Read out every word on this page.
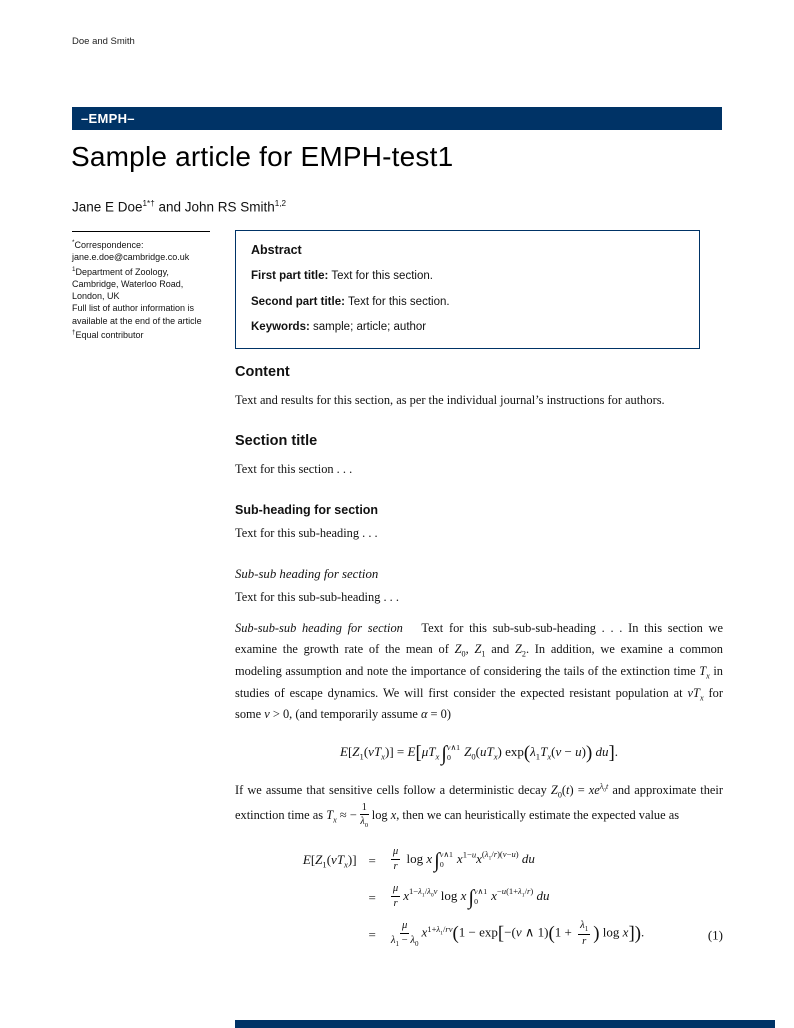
Doe and Smith
–EMPH–
Sample article for EMPH-test1
Jane E Doe$^{1*\dagger}$ and John RS Smith$^{1,2}$
*Correspondence:
jane.e.doe@cambridge.co.uk
$^1$Department of Zoology,
Cambridge, Waterloo Road,
London, UK
Full list of author information is
available at the end of the article
†Equal contributor
Abstract

First part title: Text for this section.

Second part title: Text for this section.

Keywords: sample; article; author

Content

Text and results for this section, as per the individual journal’s instructions for authors.

Section title

Text for this section . . .

Sub-heading for section

Text for this sub-heading . . .

Sub-sub heading for section

Text for this sub-sub-heading . . .

Sub-sub-sub heading for section Text for this sub-sub-sub-heading . . . In this section we examine the growth rate of the mean of $Z_0$, $Z_1$ and $Z_2$. In addition, we examine a common modeling assumption and note the importance of considering the tails of the extinction time $T_x$ in studies of escape dynamics. We will first consider the expected resistant population at $vT_x$ for some v > 0, (and temporarily assume α = 0)

$E[Z_1(vT_x)] = E[\mu T_x\int$ v∧1
0	$Z_0(uT_x) \exp(\lambda_1T_x(v - u))$ du].

If we assume that sensitive cells follow a deterministic decay $Z_0(t) = xe^{\lambda_0t}$ and approximate their extinction time as $T_x$ ≈ − $\frac{1}{\lambda_0}$ log x, then we can heuristically estimate the expected value as

$E[Z_1(vT_x)]$ =	$\frac{\mu}{r}$ log x∫ v∧1
0	$x^{1-u}x^{(\lambda_1/r)(v-u)}$ du
=	$\frac{\mu}{r} x^{1-\lambda_1/\lambda_0v}$ log x∫ v∧1
0	$x^{-u(1+\lambda_1/r)}$ du
=	$\frac{\mu}{\lambda_1 - \lambda_0} x^{1+\lambda_1/rv}(1 - \exp[-(v$ ∧ $1)(1 + \frac{\lambda_1}{r}$ ) log x]).	(1)
